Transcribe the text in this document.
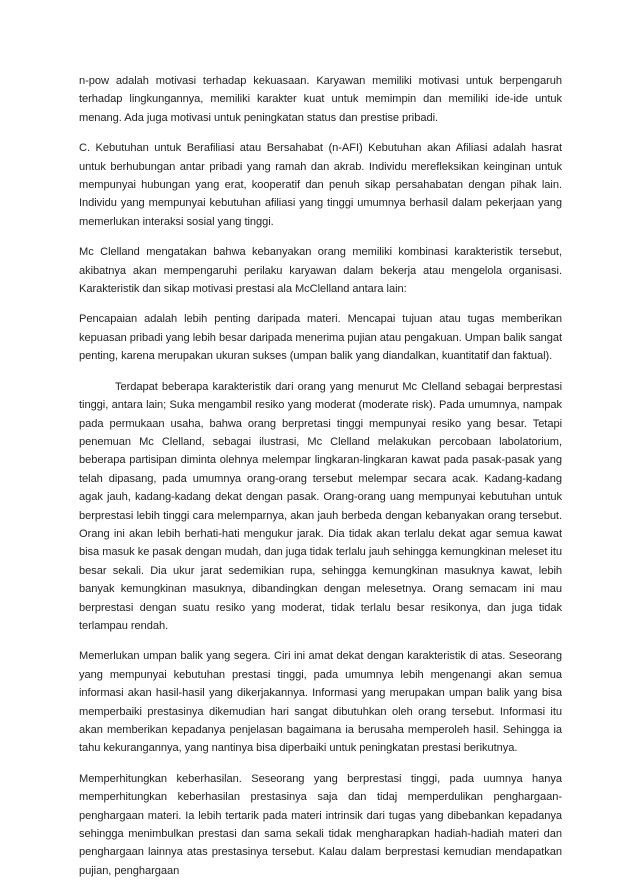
n-pow adalah motivasi terhadap kekuasaan. Karyawan memiliki motivasi untuk berpengaruh terhadap lingkungannya, memiliki karakter kuat untuk memimpin dan memiliki ide-ide untuk menang. Ada juga motivasi untuk peningkatan status dan prestise pribadi.

C. Kebutuhan untuk Berafiliasi atau Bersahabat (n-AFI) Kebutuhan akan Afiliasi adalah hasrat untuk berhubungan antar pribadi yang ramah dan akrab. Individu merefleksikan keinginan untuk mempunyai hubungan yang erat, kooperatif dan penuh sikap persahabatan dengan pihak lain. Individu yang mempunyai kebutuhan afiliasi yang tinggi umumnya berhasil dalam pekerjaan yang memerlukan interaksi sosial yang tinggi.

Mc Clelland mengatakan bahwa kebanyakan orang memiliki kombinasi karakteristik tersebut, akibatnya akan mempengaruhi perilaku karyawan dalam bekerja atau mengelola organisasi. Karakteristik dan sikap motivasi prestasi ala McClelland antara lain:

Pencapaian adalah lebih penting daripada materi. Mencapai tujuan atau tugas memberikan kepuasan pribadi yang lebih besar daripada menerima pujian atau pengakuan. Umpan balik sangat penting, karena merupakan ukuran sukses (umpan balik yang diandalkan, kuantitatif dan faktual).

Terdapat beberapa karakteristik dari orang yang menurut Mc Clelland sebagai berprestasi tinggi, antara lain; Suka mengambil resiko yang moderat (moderate risk). Pada umumnya, nampak pada permukaan usaha, bahwa orang berpretasi tinggi mempunyai resiko yang besar. Tetapi penemuan Mc Clelland, sebagai ilustrasi, Mc Clelland melakukan percobaan labolatorium, beberapa partisipan diminta olehnya melempar lingkaran-lingkaran kawat pada pasak-pasak yang telah dipasang, pada umumnya orang-orang tersebut melempar secara acak. Kadang-kadang agak jauh, kadang-kadang dekat dengan pasak. Orang-orang uang mempunyai kebutuhan untuk berprestasi lebih tinggi cara melemparnya, akan jauh berbeda dengan kebanyakan orang tersebut. Orang ini akan lebih berhati-hati mengukur jarak. Dia tidak akan terlalu dekat agar semua kawat bisa masuk ke pasak dengan mudah, dan juga tidak terlalu jauh sehingga kemungkinan meleset itu besar sekali. Dia ukur jarat sedemikian rupa, sehingga kemungkinan masuknya kawat, lebih banyak kemungkinan masuknya, dibandingkan dengan melesetnya. Orang semacam ini mau berprestasi dengan suatu resiko yang moderat, tidak terlalu besar resikonya, dan juga tidak terlampau rendah.

Memerlukan umpan balik yang segera. Ciri ini amat dekat dengan karakteristik di atas. Seseorang yang mempunyai kebutuhan prestasi tinggi, pada umumnya lebih mengenangi akan semua informasi akan hasil-hasil yang dikerjakannya. Informasi yang merupakan umpan balik yang bisa memperbaiki prestasinya dikemudian hari sangat dibutuhkan oleh orang tersebut. Informasi itu akan memberikan kepadanya penjelasan bagaimana ia berusaha memperoleh hasil. Sehingga ia tahu kekurangannya, yang nantinya bisa diperbaiki untuk peningkatan prestasi berikutnya.

Memperhitungkan keberhasilan. Seseorang yang berprestasi tinggi, pada uumnya hanya memperhitungkan keberhasilan prestasinya saja dan tidaj memperdulikan penghargaan-penghargaan materi. Ia lebih tertarik pada materi intrinsik dari tugas yang dibebankan kepadanya sehingga menimbulkan prestasi dan sama sekali tidak mengharapkan hadiah-hadiah materi dan penghargaan lainnya atas prestasinya tersebut. Kalau dalam berprestasi kemudian mendapatkan pujian, penghargaan
